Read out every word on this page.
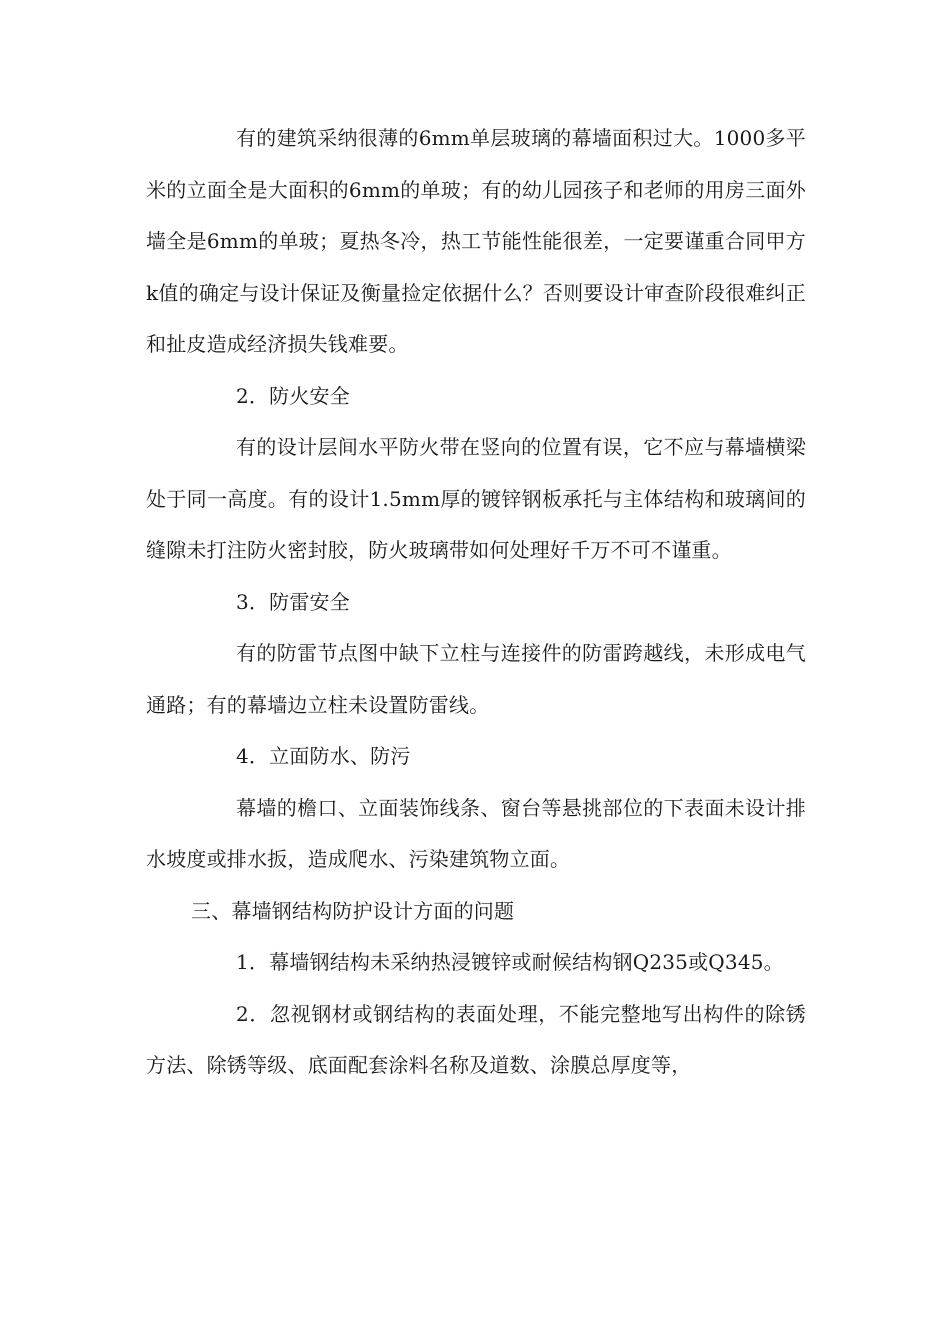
有的建筑采纳很薄的6mm单层玻璃的幕墙面积过大。1000多平米的立面全是大面积的6mm的单玻；有的幼儿园孩子和老师的用房三面外墙全是6mm的单玻；夏热冬冷，热工节能性能很差，一定要谨重合同甲方k值的确定与设计保证及衡量捡定依据什么？否则要设计审查阶段很难纠正和扯皮造成经济损失钱难要。

2．防火安全

有的设计层间水平防火带在竖向的位置有误，它不应与幕墙横梁处于同一高度。有的设计1.5mm厚的镀锌钢板承托与主体结构和玻璃间的缝隙未打注防火密封胶，防火玻璃带如何处理好千万不可不谨重。

3．防雷安全

有的防雷节点图中缺下立柱与连接件的防雷跨越线，未形成电气通路；有的幕墙边立柱未设置防雷线。

4．立面防水、防污

幕墙的檐口、立面装饰线条、窗台等悬挑部位的下表面未设计排水坡度或排水扳，造成爬水、污染建筑物立面。

三、幕墙钢结构防护设计方面的问题

1．幕墙钢结构未采纳热浸镀锌或耐候结构钢Q235或Q345。

2．忽视钢材或钢结构的表面处理，不能完整地写出构件的除锈方法、除锈等级、底面配套涂料名称及道数、涂膜总厚度等，
